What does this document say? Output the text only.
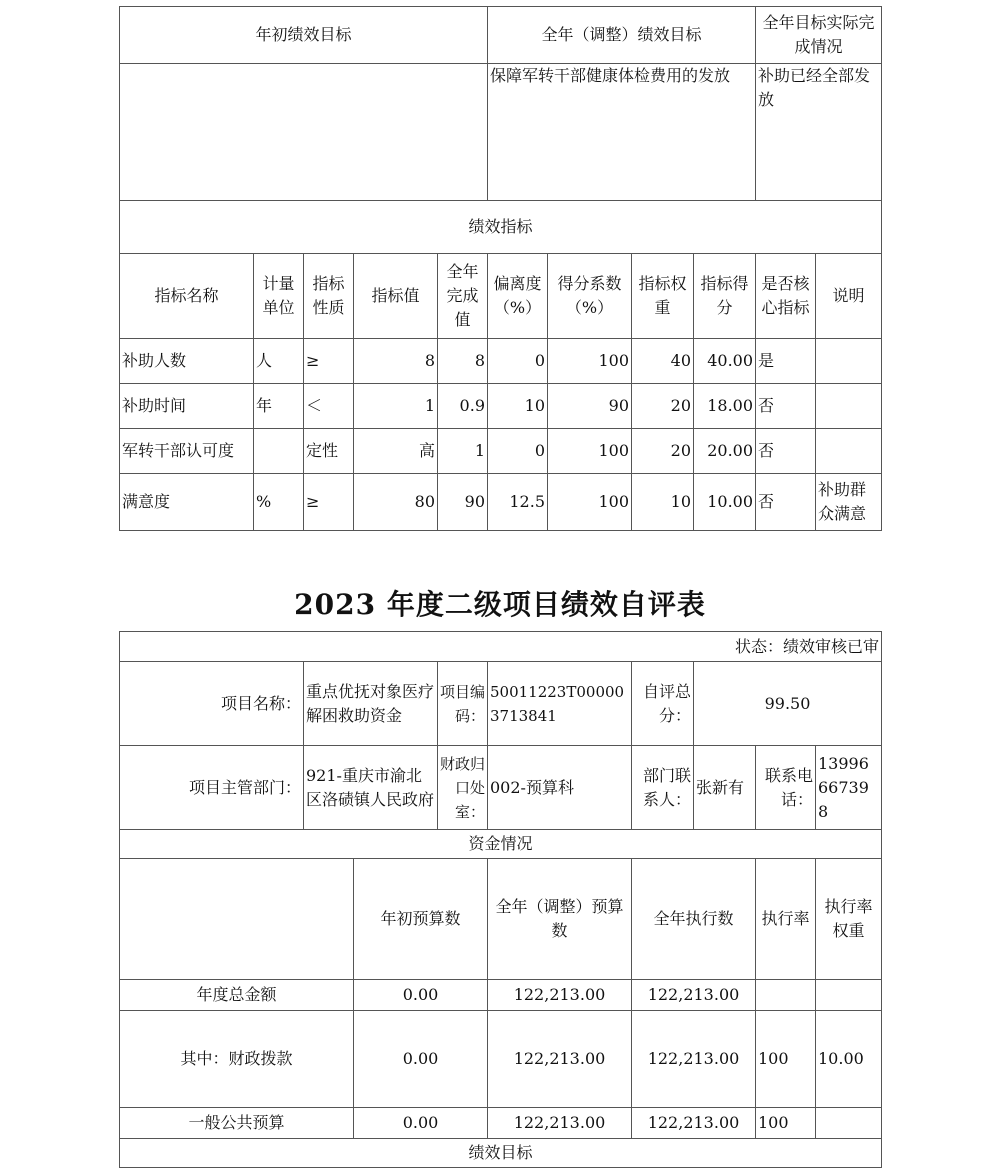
年初绩效目标					全年（调整）绩效目标				全年目标实际完成情况	
					保障军转干部健康体检费用的发放				补助已经全部发放	
绩效指标										
指标名称	计量单位	指标性质	指标值	全年完成值	偏离度（%）	得分系数（%）	指标权重	指标得分	是否核心指标	说明
补助人数	人	≥	8	8	0	100	40	40.00	是	
补助时间	年	＜	1	0.9	10	90	20	18.00	否	
军转干部认可度		定性	高	1	0	100	20	20.00	否	
满意度	%	≥	80	90	12.5	100	10	10.00	否	补助群众满意
2023 年度二级项目绩效自评表
状态：绩效审核已审									
项目名称：	重点优抚对象医疗解困救助资金		项目编码：	50011223T000003713841	自评总分：	99.50			
项目主管部门：	921-重庆市渝北区洛碛镇人民政府		财政归口处室：	002-预算科	部门联系人：	张新有	联系电话：	13996667398	
资金情况									
		年初预算数		全年（调整）预算数	全年执行数		执行率	执行率权重	
年度总金额		0.00		122,213.00	122,213.00				
其中：财政拨款		0.00		122,213.00	122,213.00		100	10.00	
一般公共预算		0.00		122,213.00	122,213.00		100		
绩效目标									
